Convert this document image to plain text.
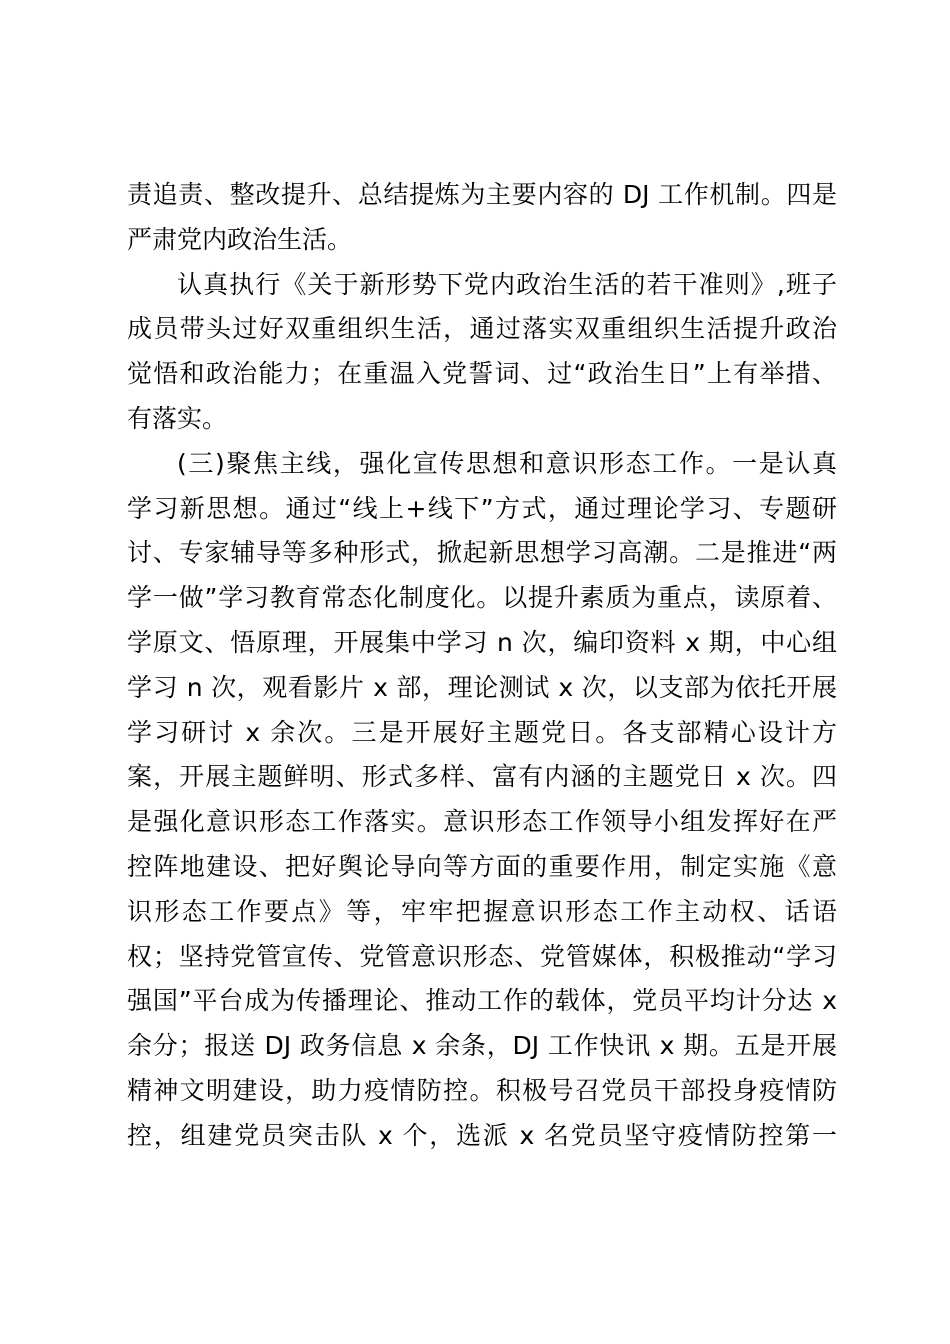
责追责、整改提升、总结提炼为主要内容的 DJ 工作机制。四是
严肃党内政治生活。
认真执行《关于新形势下党内政治生活的若干准则》,班子
成员带头过好双重组织生活，通过落实双重组织生活提升政治
觉悟和政治能力；在重温入党誓词、过“政治生日”上有举措、
有落实。
(三)聚焦主线，强化宣传思想和意识形态工作。一是认真
学习新思想。通过“线上+线下”方式，通过理论学习、专题研
讨、专家辅导等多种形式，掀起新思想学习高潮。二是推进“两
学一做”学习教育常态化制度化。以提升素质为重点，读原着、
学原文、悟原理，开展集中学习 n 次，编印资料 x 期，中心组
学习 n 次，观看影片 x 部，理论测试 x 次，以支部为依托开展
学习研讨 x 余次。三是开展好主题党日。各支部精心设计方
案，开展主题鲜明、形式多样、富有内涵的主题党日 x 次。四
是强化意识形态工作落实。意识形态工作领导小组发挥好在严
控阵地建设、把好舆论导向等方面的重要作用，制定实施《意
识形态工作要点》等，牢牢把握意识形态工作主动权、话语
权；坚持党管宣传、党管意识形态、党管媒体，积极推动“学习
强国”平台成为传播理论、推动工作的载体，党员平均计分达 x
余分；报送 DJ 政务信息 x 余条，DJ 工作快讯 x 期。五是开展
精神文明建设，助力疫情防控。积极号召党员干部投身疫情防
控，组建党员突击队 x 个，选派 x 名党员坚守疫情防控第一
